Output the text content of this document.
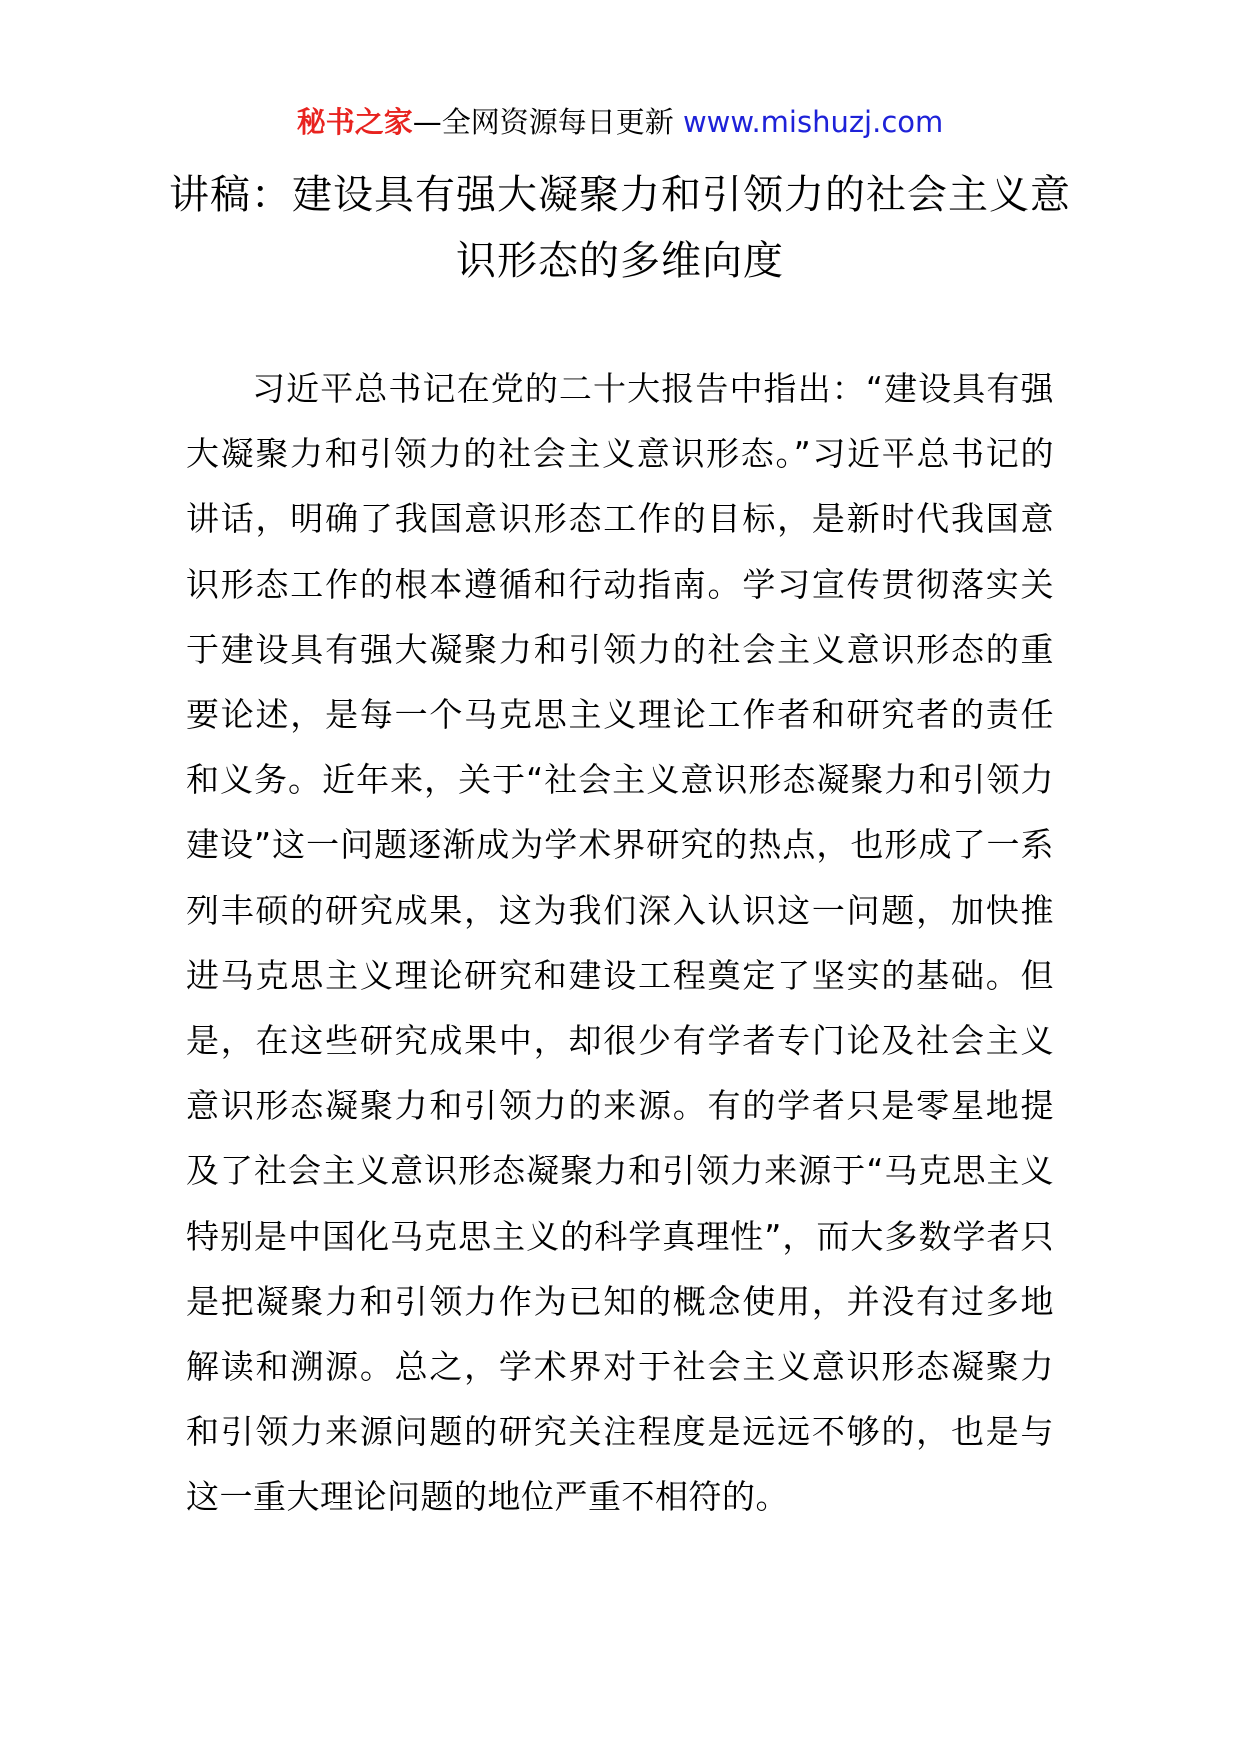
秘书之家—全网资源每日更新 www.mishuzj.com
讲稿：建设具有强大凝聚力和引领力的社会主义意识形态的多维向度

习近平总书记在党的二十大报告中指出：“建设具有强大凝聚力和引领力的社会主义意识形态。”习近平总书记的讲话，明确了我国意识形态工作的目标，是新时代我国意识形态工作的根本遵循和行动指南。学习宣传贯彻落实关于建设具有强大凝聚力和引领力的社会主义意识形态的重要论述，是每一个马克思主义理论工作者和研究者的责任和义务。近年来，关于“社会主义意识形态凝聚力和引领力建设”这一问题逐渐成为学术界研究的热点，也形成了一系列丰硕的研究成果，这为我们深入认识这一问题，加快推进马克思主义理论研究和建设工程奠定了坚实的基础。但是，在这些研究成果中，却很少有学者专门论及社会主义意识形态凝聚力和引领力的来源。有的学者只是零星地提及了社会主义意识形态凝聚力和引领力来源于“马克思主义特别是中国化马克思主义的科学真理性”，而大多数学者只是把凝聚力和引领力作为已知的概念使用，并没有过多地解读和溯源。总之，学术界对于社会主义意识形态凝聚力和引领力来源问题的研究关注程度是远远不够的，也是与这一重大理论问题的地位严重不相符的。
